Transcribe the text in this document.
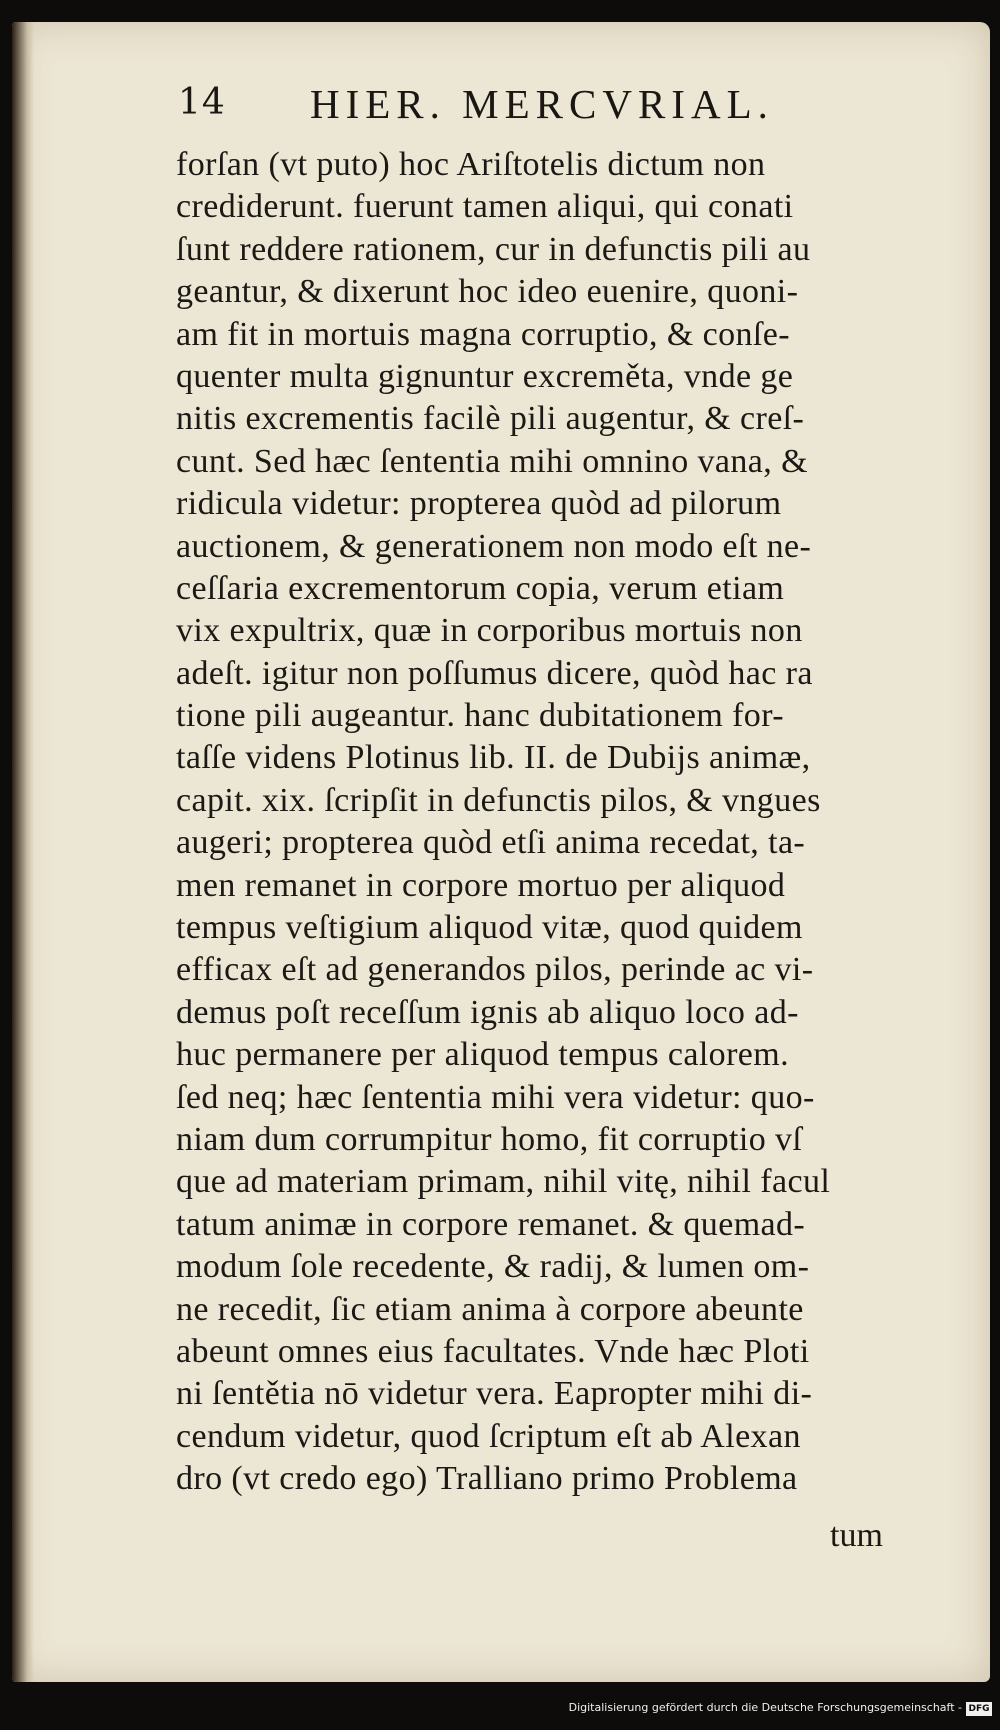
14 HIER. MERCVRIAL.
forſan (vt puto) hoc Ariſtotelis dictum non
crediderunt. fuerunt tamen aliqui, qui conati
ſunt reddere rationem, cur in defunctis pili au
geantur, & dixerunt hoc ideo euenire, quoni-
am fit in mortuis magna corruptio, & conſe-
quenter multa gignuntur excreměta, vnde ge
nitis excrementis facilè pili augentur, & creſ-
cunt. Sed hæc ſententia mihi omnino vana, &
ridicula videtur: propterea quòd ad pilorum
auctionem, & generationem non modo eſt ne-
ceſſaria excrementorum copia, verum etiam
vix expultrix, quæ in corporibus mortuis non
adeſt. igitur non poſſumus dicere, quòd hac ra
tione pili augeantur. hanc dubitationem for-
taſſe videns Plotinus lib. II. de Dubijs animæ,
capit. xix. ſcripſit in defunctis pilos, & vngues
augeri; propterea quòd etſi anima recedat, ta-
men remanet in corpore mortuo per aliquod
tempus veſtigium aliquod vitæ, quod quidem
efficax eſt ad generandos pilos, perinde ac vi-
demus poſt receſſum ignis ab aliquo loco ad-
huc permanere per aliquod tempus calorem.
ſed neq; hæc ſententia mihi vera videtur: quo-
niam dum corrumpitur homo, fit corruptio vſ
que ad materiam primam, nihil vitę, nihil facul
tatum animæ in corpore remanet. & quemad-
modum ſole recedente, & radij, & lumen om-
ne recedit, ſic etiam anima à corpore abeunte
abeunt omnes eius facultates. Vnde hæc Ploti
ni ſentětia nō videtur vera. Eapropter mihi di-
cendum videtur, quod ſcriptum eſt ab Alexan
dro (vt credo ego) Tralliano primo Problema
tum
Digitalisierung gefördert durch die Deutsche Forschungsgemeinschaft - DFG
